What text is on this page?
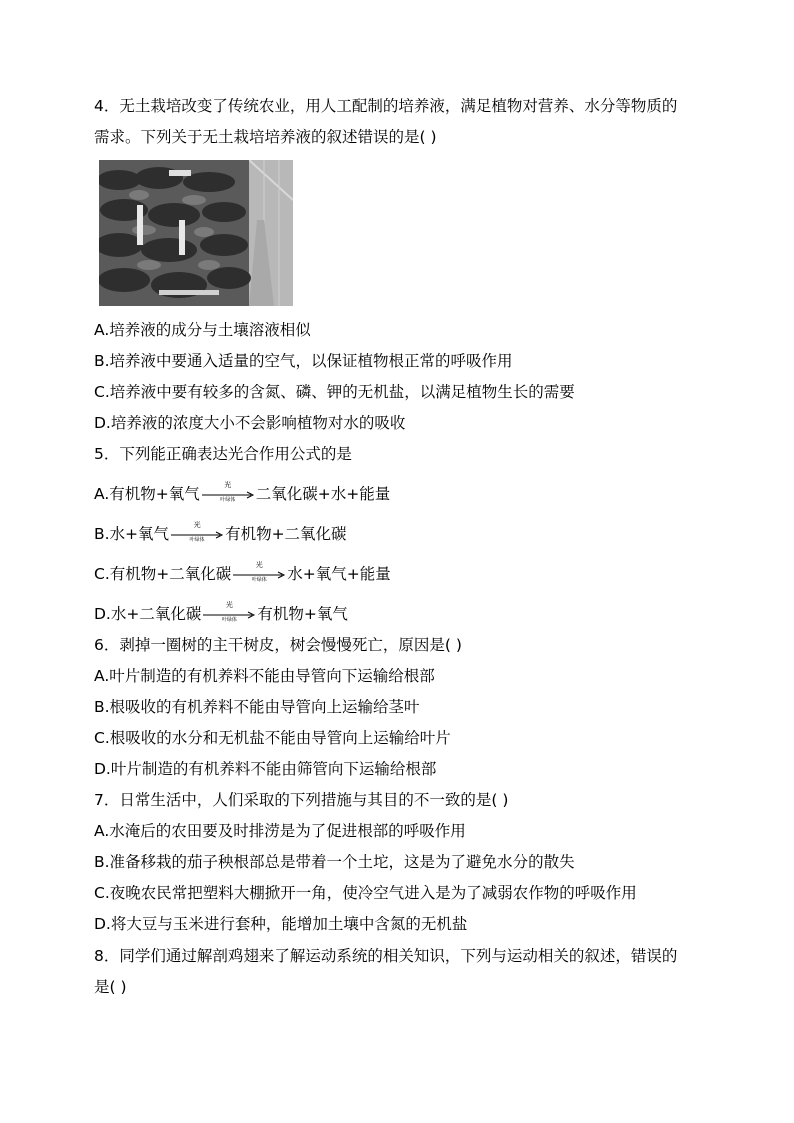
4．无土栽培改变了传统农业，用人工配制的培养液，满足植物对营养、水分等物质的
需求。下列关于无土栽培培养液的叙述错误的是( )
A.培养液的成分与土壤溶液相似
B.培养液中要通入适量的空气，以保证植物根正常的呼吸作用
C.培养液中要有较多的含氮、磷、钾的无机盐，以满足植物生长的需要
D.培养液的浓度大小不会影响植物对水的吸收
5．下列能正确表达光合作用公式的是
A.有机物+氧气
光
叶绿体	二氧化碳+水+能量
B.水+氧气
光
叶绿体	有机物+二氧化碳
C.有机物+二氧化碳
光
叶绿体	水+氧气+能量
D.水+二氧化碳
光
叶绿体	有机物+氧气
6．剥掉一圈树的主干树皮，树会慢慢死亡，原因是( )
A.叶片制造的有机养料不能由导管向下运输给根部
B.根吸收的有机养料不能由导管向上运输给茎叶
C.根吸收的水分和无机盐不能由导管向上运输给叶片
D.叶片制造的有机养料不能由筛管向下运输给根部
7．日常生活中，人们采取的下列措施与其目的不一致的是( )
A.水淹后的农田要及时排涝是为了促进根部的呼吸作用
B.准备移栽的茄子秧根部总是带着一个土坨，这是为了避免水分的散失
C.夜晚农民常把塑料大棚掀开一角，使冷空气进入是为了减弱农作物的呼吸作用
D.将大豆与玉米进行套种，能增加土壤中含氮的无机盐
8．同学们通过解剖鸡翅来了解运动系统的相关知识，下列与运动相关的叙述，错误的
是( )
